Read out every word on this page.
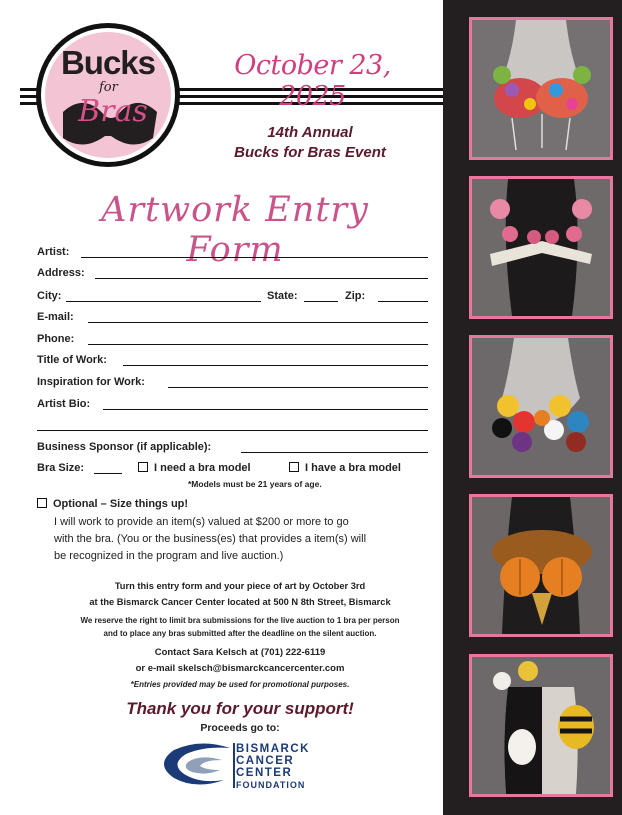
Bucks
for
Bras
October 23, 2025
14th Annual
Bucks for Bras Event
Artwork Entry Form
Artist:
Address:
City:	State:	Zip:
E-mail:
Phone:
Title of Work:
Inspiration for Work:
Artist Bio:
Business Sponsor (if applicable):
Bra Size:	I need a bra model	I have a bra model
*Models must be 21 years of age.
Optional – Size things up!
I will work to provide an item(s) valued at $200 or more to go
with the bra. (You or the business(es) that provides a item(s) will
be recognized in the program and live auction.)
Turn this entry form and your piece of art by October 3rd
at the Bismarck Cancer Center located at 500 N 8th Street, Bismarck
We reserve the right to limit bra submissions for the live auction to 1 bra per person
and to place any bras submitted after the deadline on the silent auction.
Contact Sara Kelsch at (701) 222-6119
or e-mail skelsch@bismarckcancercenter.com
*Entries provided may be used for promotional purposes.
Thank you for your support!
Proceeds go to:
BISMARCK
CANCER
CENTER
FOUNDATION
